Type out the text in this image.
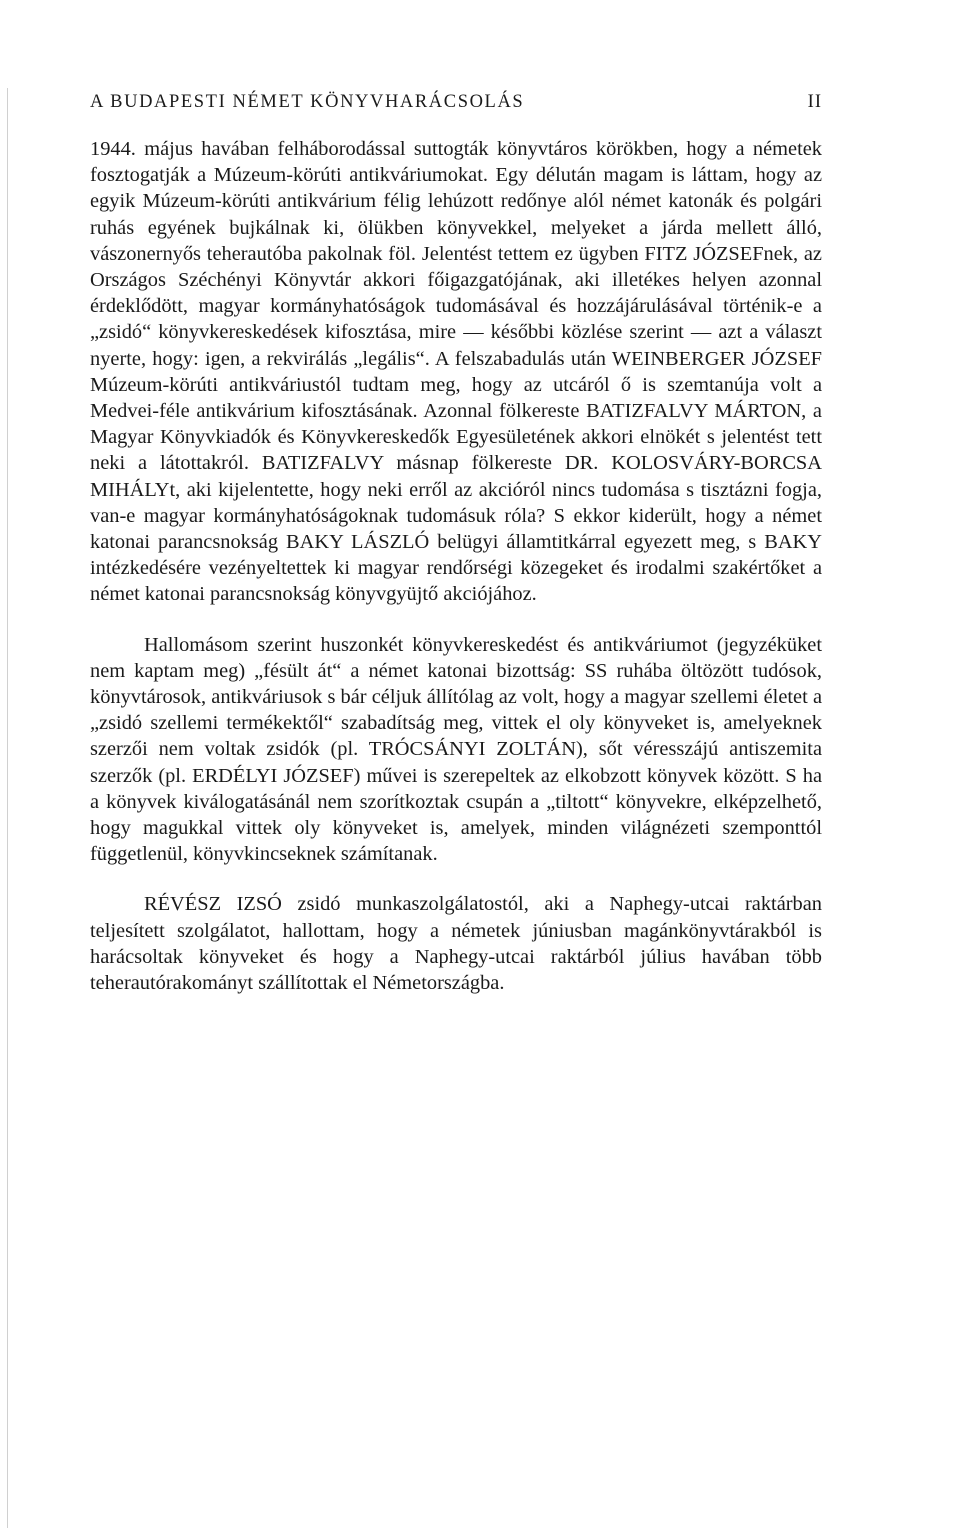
A BUDAPESTI NÉMET KÖNYVHARÁCSOLÁS	II

1944. május havában felháborodással suttogták könyvtáros körökben, hogy a németek fosztogatják a Múzeum-körúti antikváriumokat. Egy délután magam is láttam, hogy az egyik Múzeum-körúti antikvárium félig lehúzott redőnye alól német katonák és polgári ruhás egyének bujkálnak ki, ölükben könyvekkel, melyeket a járda mellett álló, vászonernyős teherautóba pakolnak föl. Jelentést tettem ez ügyben FITZ JÓZSEFnek, az Országos Széchényi Könyvtár akkori főigazgatójának, aki illetékes helyen azonnal érdeklődött, magyar kormányhatóságok tudomásával és hozzájárulásával történik-e a „zsidó“ könyvkereskedések kifosztása, mire — későbbi közlése szerint — azt a választ nyerte, hogy: igen, a rekvirálás „legális“. A felszabadulás után WEINBERGER JÓZSEF Múzeum-körúti antikváriustól tudtam meg, hogy az utcáról ő is szemtanúja volt a Medvei-féle antikvárium kifosztásának. Azonnal fölkereste BATIZFALVY MÁRTON, a Magyar Könyvkiadók és Könyvkereskedők Egyesületének akkori elnökét s jelentést tett neki a látottakról. BATIZFALVY másnap fölkereste DR. KOLOSVÁRY-BORCSA MIHÁLYt, aki kijelentette, hogy neki erről az akcióról nincs tudomása s tisztázni fogja, van-e magyar kormányhatóságoknak tudomásuk róla? S ekkor kiderült, hogy a német katonai parancsnokság BAKY LÁSZLÓ belügyi államtitkárral egyezett meg, s BAKY intézkedésére vezényeltettek ki magyar rendőrségi közegeket és irodalmi szakértőket a német katonai parancsnokság könyvgyüjtő akciójához.

Hallomásom szerint huszonkét könyvkereskedést és antikváriumot (jegyzéküket nem kaptam meg) „fésült át“ a német katonai bizottság: SS ruhába öltözött tudósok, könyvtárosok, antikváriusok s bár céljuk állítólag az volt, hogy a magyar szellemi életet a „zsidó szellemi termékektől“ szabadítság meg, vittek el oly könyveket is, amelyeknek szerzői nem voltak zsidók (pl. TRÓCSÁNYI ZOLTÁN), sőt véresszájú antiszemita szerzők (pl. ERDÉLYI JÓZSEF) művei is szerepeltek az elkobzott könyvek között. S ha a könyvek kiválogatásánál nem szorítkoztak csupán a „tiltott“ könyvekre, elképzelhető, hogy magukkal vittek oly könyveket is, amelyek, minden világnézeti szemponttól függetlenül, könyvkincseknek számítanak.

RÉVÉSZ IZSÓ zsidó munkaszolgálatostól, aki a Naphegy-utcai raktárban teljesített szolgálatot, hallottam, hogy a németek júniusban magánkönyvtárakból is harácsoltak könyveket és hogy a Naphegy-utcai raktárból július havában több teherautórakományt szállítottak el Németországba.
